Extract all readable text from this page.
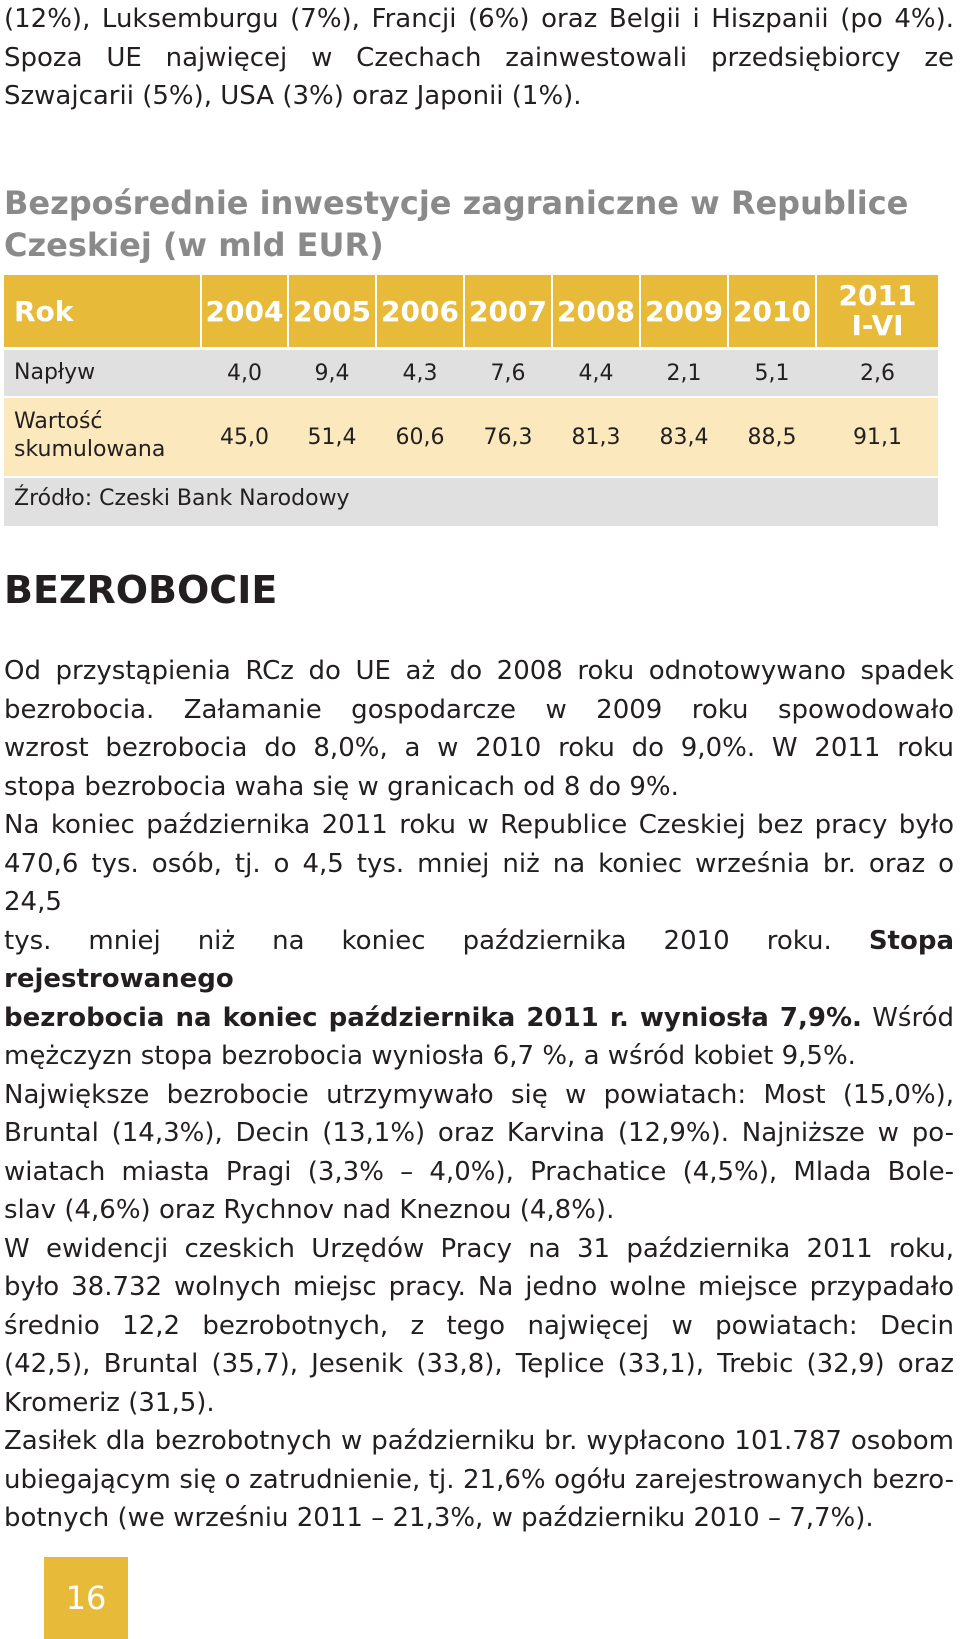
(12%), Luksemburgu (7%), Francji (6%) oraz Belgii i Hiszpanii (po 4%).
Spoza UE najwięcej w Czechach zainwestowali przedsiębiorcy ze
Szwajcarii (5%), USA (3%) oraz Japonii (1%).
Bezpośrednie inwestycje zagraniczne w Republice
Czeskiej (w mld EUR)
Rok	2004 2005 2006 2007 2008 2009 2010 2011
I-VI
Napływ	4,0	9,4	4,3	7,6	4,4	2,1	5,1	2,6
Wartość
skumulowana	45,0	51,4	60,6	76,3	81,3	83,4	88,5	91,1
Źródło: Czeski Bank Narodowy
BEZROBOCIE
Od przystąpienia RCz do UE aż do 2008 roku odnotowywano spadek
bezrobocia. Załamanie gospodarcze w 2009 roku spowodowało
wzrost bezrobocia do 8,0%, a w 2010 roku do 9,0%. W 2011 roku
stopa bezrobocia waha się w granicach od 8 do 9%.
Na koniec października 2011 roku w Republice Czeskiej bez pracy było
470,6 tys. osób, tj. o 4,5 tys. mniej niż na koniec września br. oraz o 24,5
tys. mniej niż na koniec października 2010 roku. Stopa rejestrowanego
bezrobocia na koniec października 2011 r. wyniosła 7,9%. Wśród
mężczyzn stopa bezrobocia wyniosła 6,7 %, a wśród kobiet 9,5%.
Największe bezrobocie utrzymywało się w powiatach: Most (15,0%),
Bruntal (14,3%), Decin (13,1%) oraz Karvina (12,9%). Najniższe w po-
wiatach miasta Pragi (3,3% – 4,0%), Prachatice (4,5%), Mlada Bole-
slav (4,6%) oraz Rychnov nad Kneznou (4,8%).
W ewidencji czeskich Urzędów Pracy na 31 października 2011 roku,
było 38.732 wolnych miejsc pracy. Na jedno wolne miejsce przypadało
średnio 12,2 bezrobotnych, z tego najwięcej w powiatach: Decin
(42,5), Bruntal (35,7), Jesenik (33,8), Teplice (33,1), Trebic (32,9) oraz
Kromeriz (31,5).
Zasiłek dla bezrobotnych w październiku br. wypłacono 101.787 osobom
ubiegającym się o zatrudnienie, tj. 21,6% ogółu zarejestrowanych bezro-
botnych (we wrześniu 2011 – 21,3%, w październiku 2010 – 7,7%).
16
